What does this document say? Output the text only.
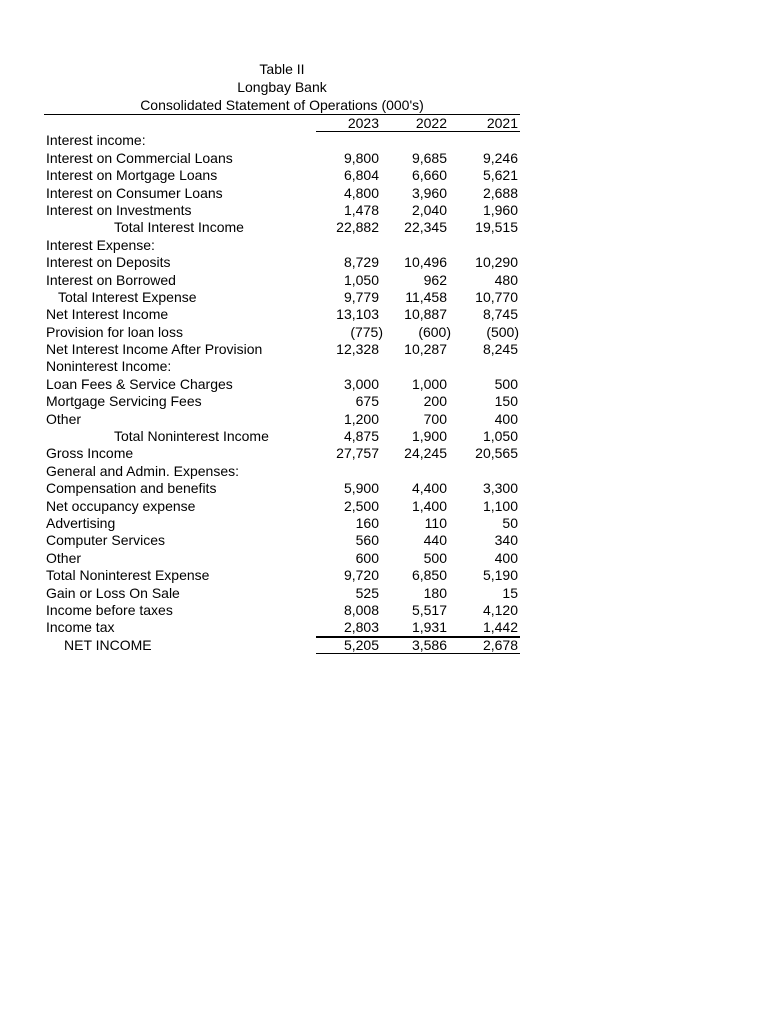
Table II
Longbay Bank
Consolidated Statement of Operations (000's)
2023	2022	2021
Interest income:
Interest on Commercial Loans	9,800 9,685	9,246
Interest on Mortgage Loans	6,804 6,660	5,621
Interest on Consumer Loans	4,800 3,960	2,688
Interest on Investments	1,478 2,040	1,960
Total Interest Income	22,882 22,345 19,515
Interest Expense:
Interest on Deposits	8,729 10,496 10,290
Interest on Borrowed	1,050	962	480
Total Interest Expense	9,779 11,458 10,770
Net Interest Income	13,103 10,887	8,745
Provision for loan loss	(775)	(600)	(500)
Net Interest Income After Provision	12,328 10,287	8,245
Noninterest Income:
Loan Fees & Service Charges	3,000 1,000	500
Mortgage Servicing Fees	675	200	150
Other	1,200	700	400
Total Noninterest Income	4,875 1,900	1,050
Gross Income	27,757 24,245 20,565
General and Admin. Expenses:
Compensation and benefits	5,900 4,400	3,300
Net occupancy expense	2,500 1,400	1,100
Advertising	160	110	50
Computer Services	560	440	340
Other	600	500	400
Total Noninterest Expense	9,720 6,850	5,190
Gain or Loss On Sale	525	180	15
Income before taxes	8,008 5,517	4,120
Income tax	2,803 1,931	1,442
NET INCOME	5,205 3,586	2,678
